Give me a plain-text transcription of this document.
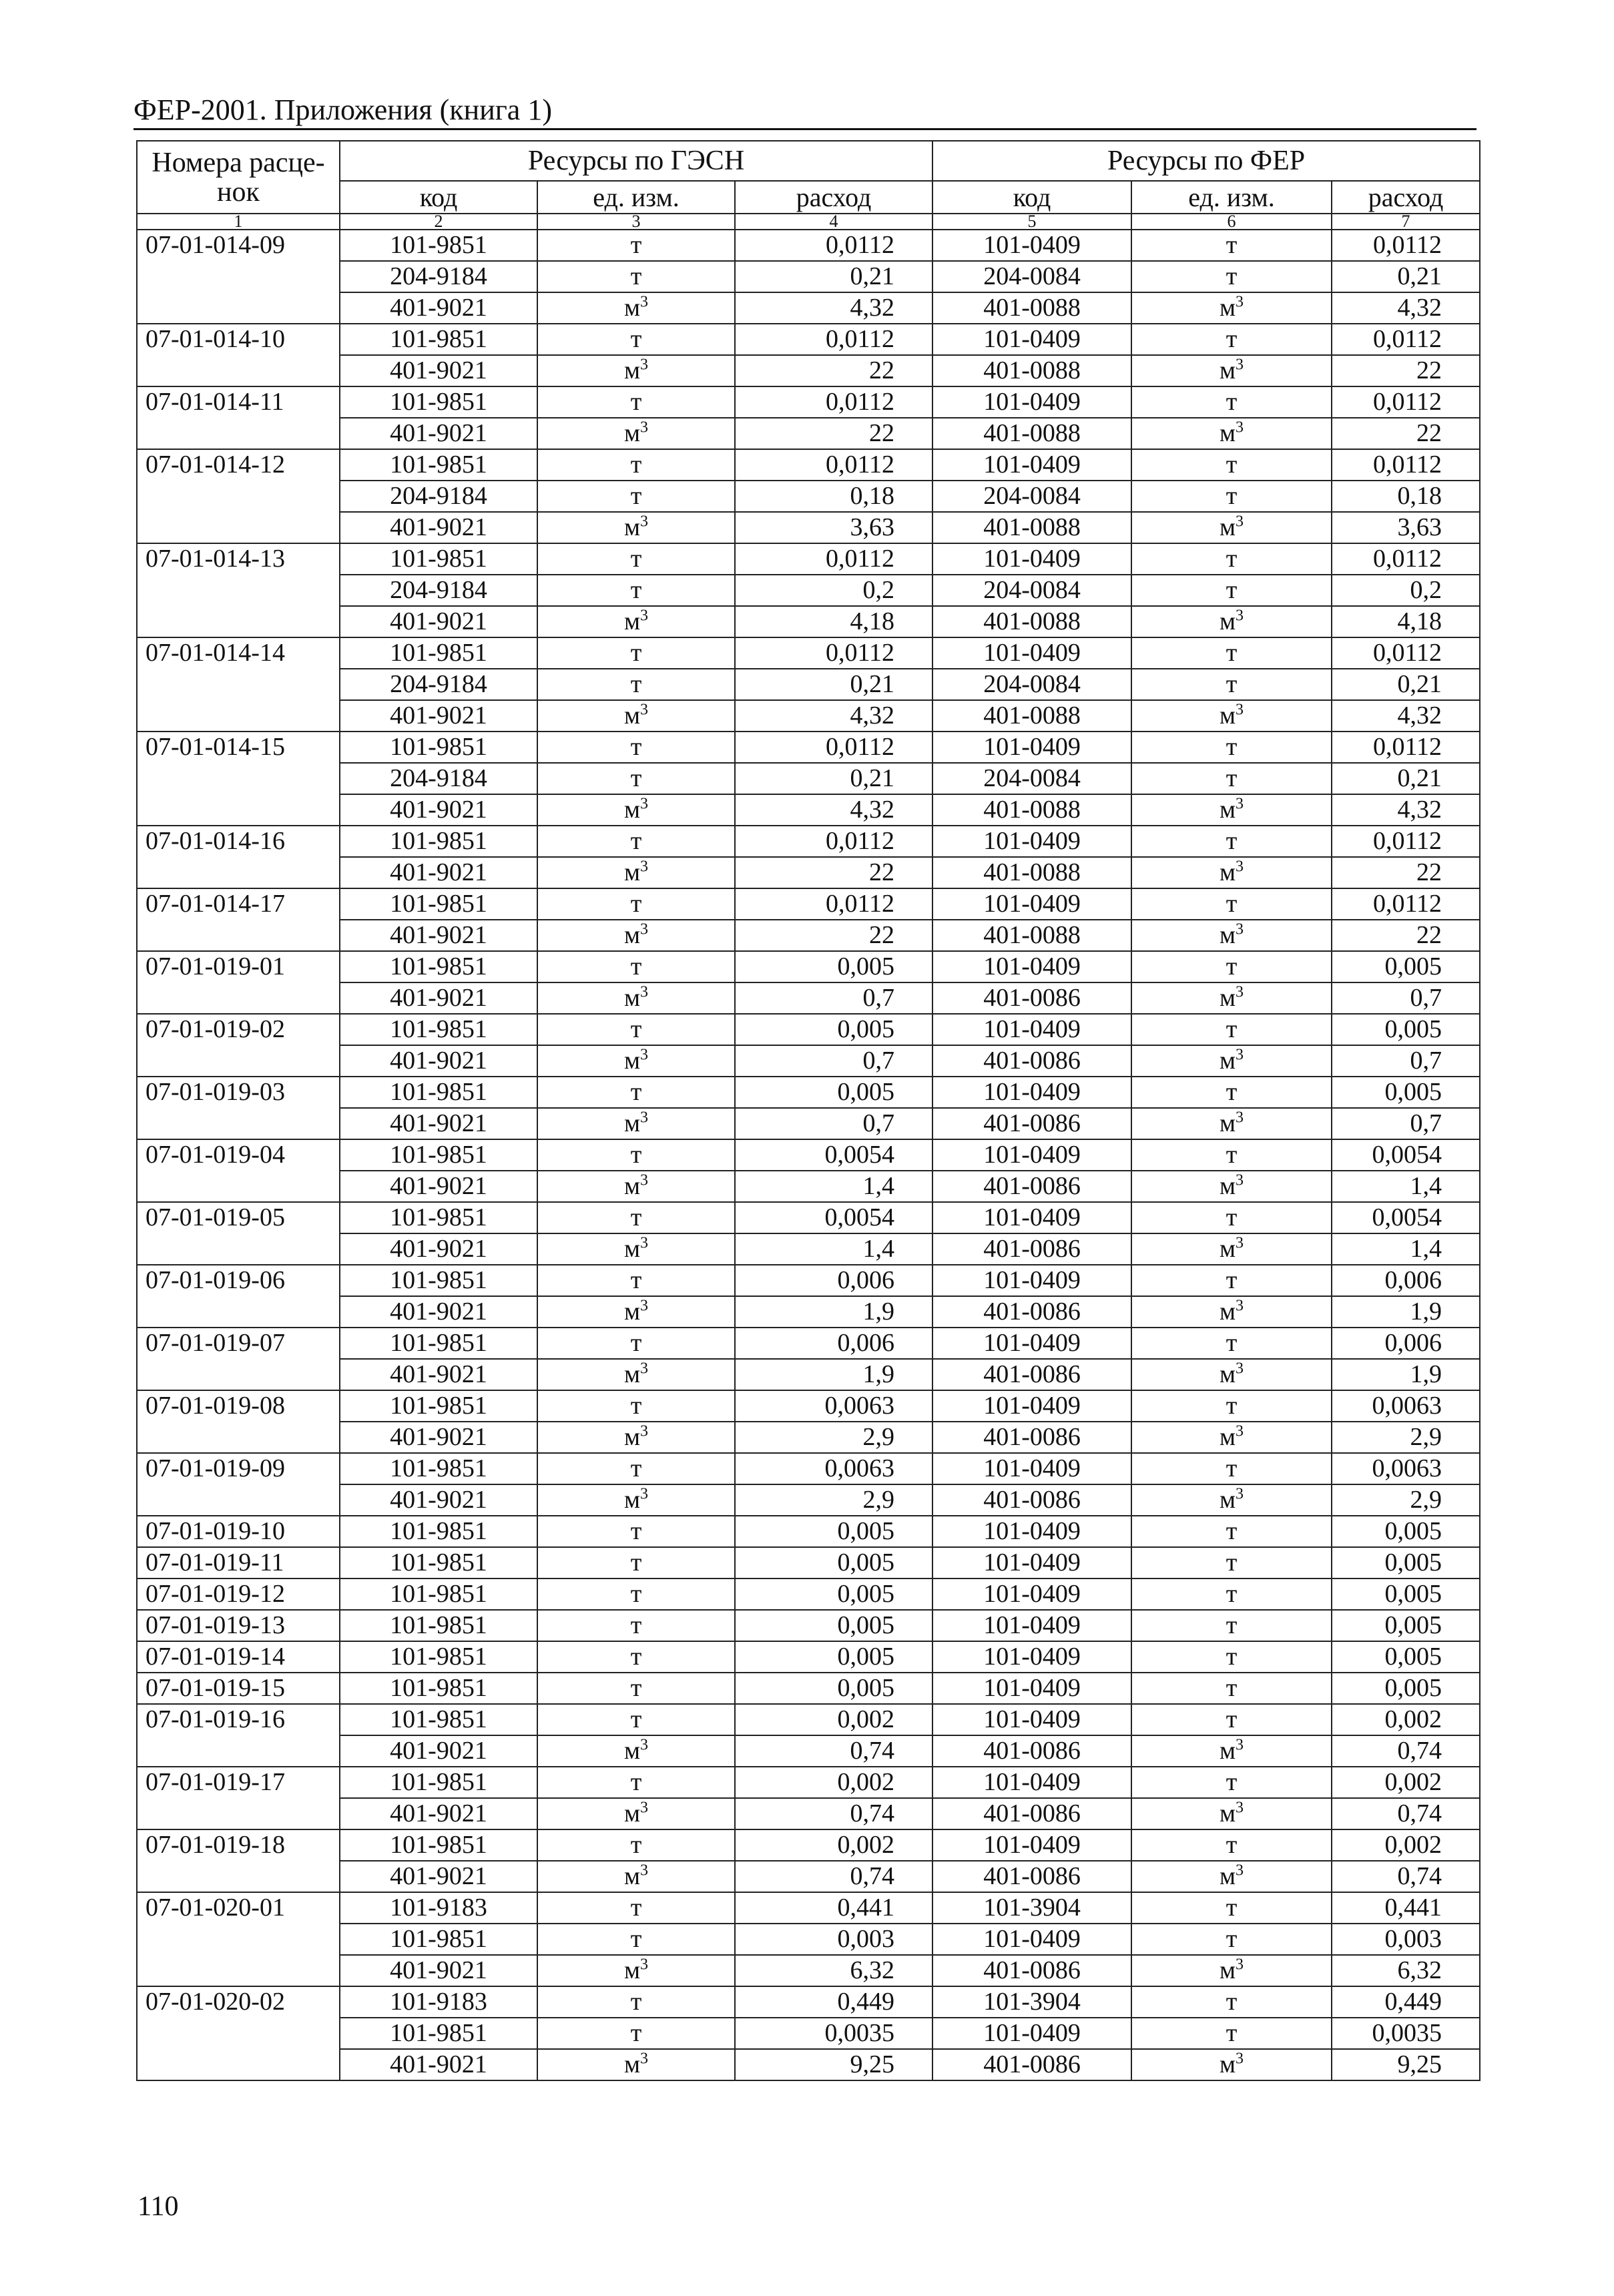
ФЕР-2001. Приложения (книга 1)
Номера расце-
нок	Ресурсы по ГЭСН			Ресурсы по ФЕР		
	код	ед. изм.	расход	код	ед. изм.	расход
1	2	3	4	5	6	7
07-01-014-09	101-9851	т	0,0112	101-0409	т	0,0112
	204-9184	т	0,21	204-0084	т	0,21
	401-9021	$м^3$	4,32	401-0088	$м^3$	4,32
07-01-014-10	101-9851	т	0,0112	101-0409	т	0,0112
	401-9021	$м^3$	22	401-0088	$м^3$	22
07-01-014-11	101-9851	т	0,0112	101-0409	т	0,0112
	401-9021	$м^3$	22	401-0088	$м^3$	22
07-01-014-12	101-9851	т	0,0112	101-0409	т	0,0112
	204-9184	т	0,18	204-0084	т	0,18
	401-9021	$м^3$	3,63	401-0088	$м^3$	3,63
07-01-014-13	101-9851	т	0,0112	101-0409	т	0,0112
	204-9184	т	0,2	204-0084	т	0,2
	401-9021	$м^3$	4,18	401-0088	$м^3$	4,18
07-01-014-14	101-9851	т	0,0112	101-0409	т	0,0112
	204-9184	т	0,21	204-0084	т	0,21
	401-9021	$м^3$	4,32	401-0088	$м^3$	4,32
07-01-014-15	101-9851	т	0,0112	101-0409	т	0,0112
	204-9184	т	0,21	204-0084	т	0,21
	401-9021	$м^3$	4,32	401-0088	$м^3$	4,32
07-01-014-16	101-9851	т	0,0112	101-0409	т	0,0112
	401-9021	$м^3$	22	401-0088	$м^3$	22
07-01-014-17	101-9851	т	0,0112	101-0409	т	0,0112
	401-9021	$м^3$	22	401-0088	$м^3$	22
07-01-019-01	101-9851	т	0,005	101-0409	т	0,005
	401-9021	$м^3$	0,7	401-0086	$м^3$	0,7
07-01-019-02	101-9851	т	0,005	101-0409	т	0,005
	401-9021	$м^3$	0,7	401-0086	$м^3$	0,7
07-01-019-03	101-9851	т	0,005	101-0409	т	0,005
	401-9021	$м^3$	0,7	401-0086	$м^3$	0,7
07-01-019-04	101-9851	т	0,0054	101-0409	т	0,0054
	401-9021	$м^3$	1,4	401-0086	$м^3$	1,4
07-01-019-05	101-9851	т	0,0054	101-0409	т	0,0054
	401-9021	$м^3$	1,4	401-0086	$м^3$	1,4
07-01-019-06	101-9851	т	0,006	101-0409	т	0,006
	401-9021	$м^3$	1,9	401-0086	$м^3$	1,9
07-01-019-07	101-9851	т	0,006	101-0409	т	0,006
	401-9021	$м^3$	1,9	401-0086	$м^3$	1,9
07-01-019-08	101-9851	т	0,0063	101-0409	т	0,0063
	401-9021	$м^3$	2,9	401-0086	$м^3$	2,9
07-01-019-09	101-9851	т	0,0063	101-0409	т	0,0063
	401-9021	$м^3$	2,9	401-0086	$м^3$	2,9
07-01-019-10	101-9851	т	0,005	101-0409	т	0,005
07-01-019-11	101-9851	т	0,005	101-0409	т	0,005
07-01-019-12	101-9851	т	0,005	101-0409	т	0,005
07-01-019-13	101-9851	т	0,005	101-0409	т	0,005
07-01-019-14	101-9851	т	0,005	101-0409	т	0,005
07-01-019-15	101-9851	т	0,005	101-0409	т	0,005
07-01-019-16	101-9851	т	0,002	101-0409	т	0,002
	401-9021	$м^3$	0,74	401-0086	$м^3$	0,74
07-01-019-17	101-9851	т	0,002	101-0409	т	0,002
	401-9021	$м^3$	0,74	401-0086	$м^3$	0,74
07-01-019-18	101-9851	т	0,002	101-0409	т	0,002
	401-9021	$м^3$	0,74	401-0086	$м^3$	0,74
07-01-020-01	101-9183	т	0,441	101-3904	т	0,441
	101-9851	т	0,003	101-0409	т	0,003
	401-9021	$м^3$	6,32	401-0086	$м^3$	6,32
07-01-020-02	101-9183	т	0,449	101-3904	т	0,449
	101-9851	т	0,0035	101-0409	т	0,0035
	401-9021	$м^3$	9,25	401-0086	$м^3$	9,25
110
